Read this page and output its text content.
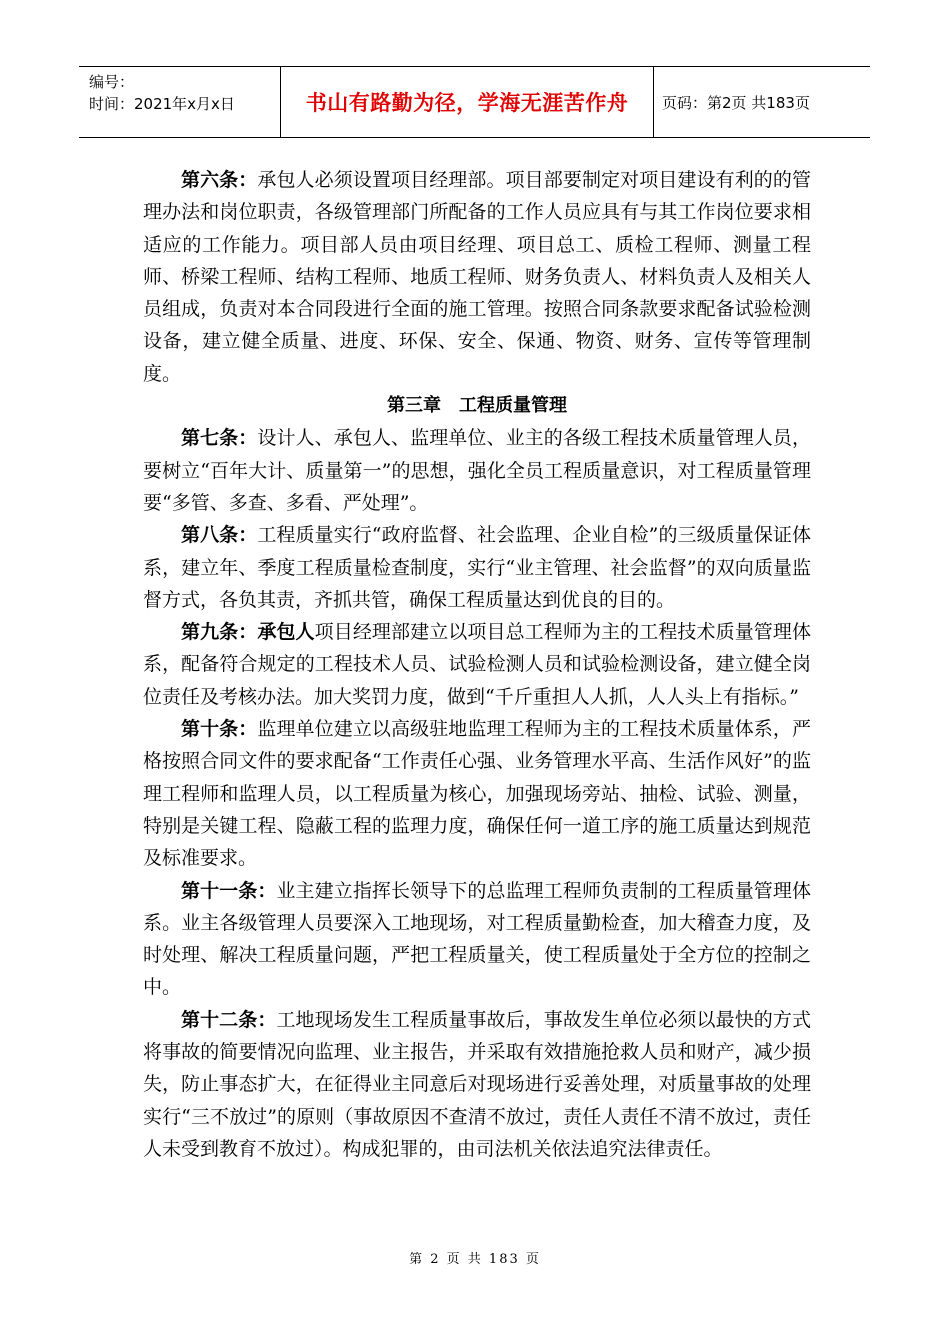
编号：
时间：2021年x月x日	书山有路勤为径，学海无涯苦作舟	页码：第2页 共183页

第六条：承包人必须设置项目经理部。项目部要制定对项目建设有利的的管理办法和岗位职责，各级管理部门所配备的工作人员应具有与其工作岗位要求相适应的工作能力。项目部人员由项目经理、项目总工、质检工程师、测量工程师、桥梁工程师、结构工程师、地质工程师、财务负责人、材料负责人及相关人员组成，负责对本合同段进行全面的施工管理。按照合同条款要求配备试验检测设备，建立健全质量、进度、环保、安全、保通、物资、财务、宣传等管理制度。

第三章　工程质量管理

第七条：设计人、承包人、监理单位、业主的各级工程技术质量管理人员，要树立“百年大计、质量第一”的思想，强化全员工程质量意识，对工程质量管理要“多管、多查、多看、严处理”。

第八条：工程质量实行“政府监督、社会监理、企业自检”的三级质量保证体系，建立年、季度工程质量检查制度，实行“业主管理、社会监督”的双向质量监督方式，各负其责，齐抓共管，确保工程质量达到优良的目的。

第九条：承包人项目经理部建立以项目总工程师为主的工程技术质量管理体系，配备符合规定的工程技术人员、试验检测人员和试验检测设备，建立健全岗位责任及考核办法。加大奖罚力度，做到“千斤重担人人抓，人人头上有指标。”

第十条：监理单位建立以高级驻地监理工程师为主的工程技术质量体系，严格按照合同文件的要求配备“工作责任心强、业务管理水平高、生活作风好”的监理工程师和监理人员，以工程质量为核心，加强现场旁站、抽检、试验、测量，特别是关键工程、隐蔽工程的监理力度，确保任何一道工序的施工质量达到规范及标准要求。

第十一条：业主建立指挥长领导下的总监理工程师负责制的工程质量管理体系。业主各级管理人员要深入工地现场，对工程质量勤检查，加大稽查力度，及时处理、解决工程质量问题，严把工程质量关，使工程质量处于全方位的控制之中。

第十二条：工地现场发生工程质量事故后，事故发生单位必须以最快的方式将事故的简要情况向监理、业主报告，并采取有效措施抢救人员和财产，减少损失，防止事态扩大，在征得业主同意后对现场进行妥善处理，对质量事故的处理实行“三不放过”的原则（事故原因不查清不放过，责任人责任不清不放过，责任人未受到教育不放过）。构成犯罪的，由司法机关依法追究法律责任。

第 2 页 共 183 页
